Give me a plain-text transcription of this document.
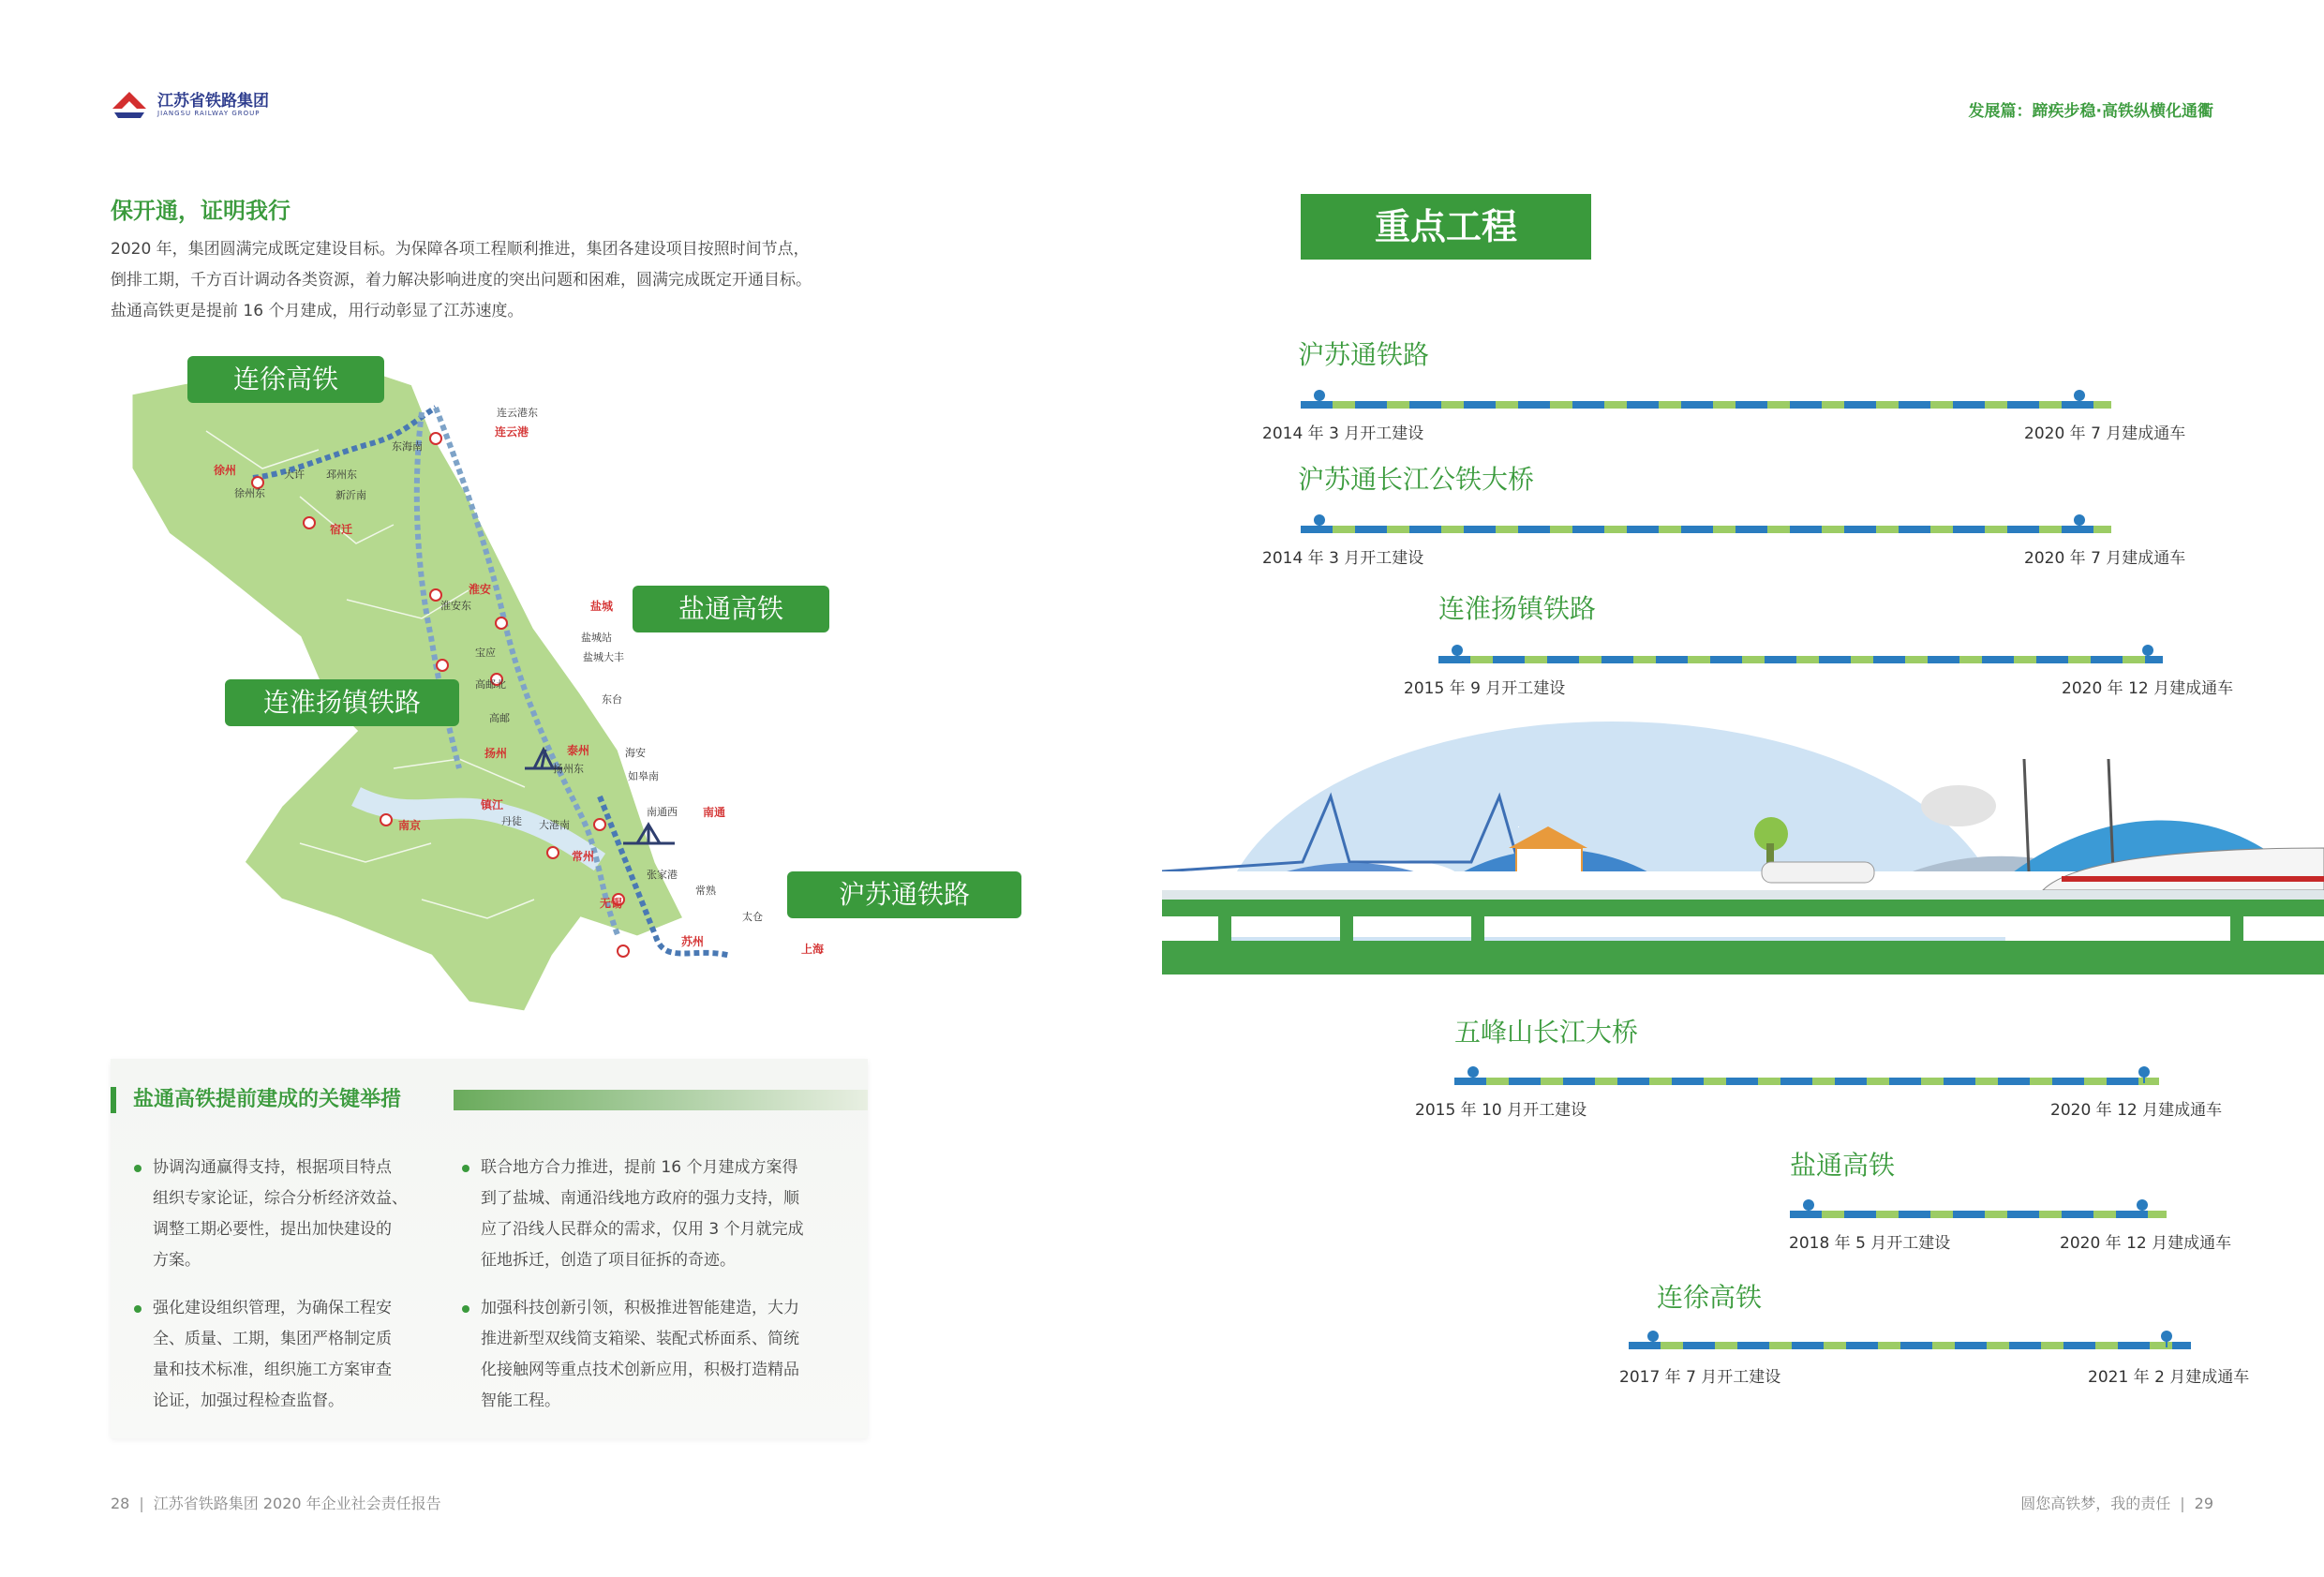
江苏省铁路集团
JIANGSU RAILWAY GROUP	发展篇：蹄疾步稳·高铁纵横化通衢
保开通，证明我行

2020 年，集团圆满完成既定建设目标。为保障各项工程顺利推进，集团各建设项目按照时间节点，

倒排工期，千方百计调动各类资源，着力解决影响进度的突出问题和困难，圆满完成既定开通目标。

盐通高铁更是提前 16 个月建成，用行动彰显了江苏速度。

连徐高铁
盐通高铁
连淮扬镇铁路
沪苏通铁路
连云港东
连云港
东海南
徐州
徐州东
大许 邳州东
新沂南
宿迁
淮安
淮安东
宝应
高邮北
高邮
扬州
扬州东
镇江
丹徒 大港南
南京
常州
无锡
苏州
上海
盐城
盐城站
盐城大丰
东台
泰州	海安
如皋南
南通
南通西
张家港
常熟
太仓
盐通高铁提前建成的关键举措
协调沟通赢得支持，根据项目特点
组织专家论证，综合分析经济效益、
调整工期必要性，提出加快建设的
方案。
联合地方合力推进，提前 16 个月建成方案得
到了盐城、南通沿线地方政府的强力支持，顺
应了沿线人民群众的需求，仅用 3 个月就完成
征地拆迁，创造了项目征拆的奇迹。
强化建设组织管理，为确保工程安
全、质量、工期，集团严格制定质
量和技术标准，组织施工方案审查
论证，加强过程检查监督。
加强科技创新引领，积极推进智能建造，大力
推进新型双线简支箱梁、装配式桥面系、简统
化接触网等重点技术创新应用，积极打造精品
智能工程。
28 | 江苏省铁路集团 2020 年企业社会责任报告	圆您高铁梦，我的责任 | 29
重点工程
沪苏通铁路
2014 年 3 月开工建设	2020 年 7 月建成通车
沪苏通长江公铁大桥
2014 年 3 月开工建设	2020 年 7 月建成通车
连淮扬镇铁路
2015 年 9 月开工建设	2020 年 12 月建成通车
五峰山长江大桥
2015 年 10 月开工建设	2020 年 12 月建成通车
盐通高铁
2018 年 5 月开工建设	2020 年 12 月建成通车
连徐高铁
2017 年 7 月开工建设	2021 年 2 月建成通车
